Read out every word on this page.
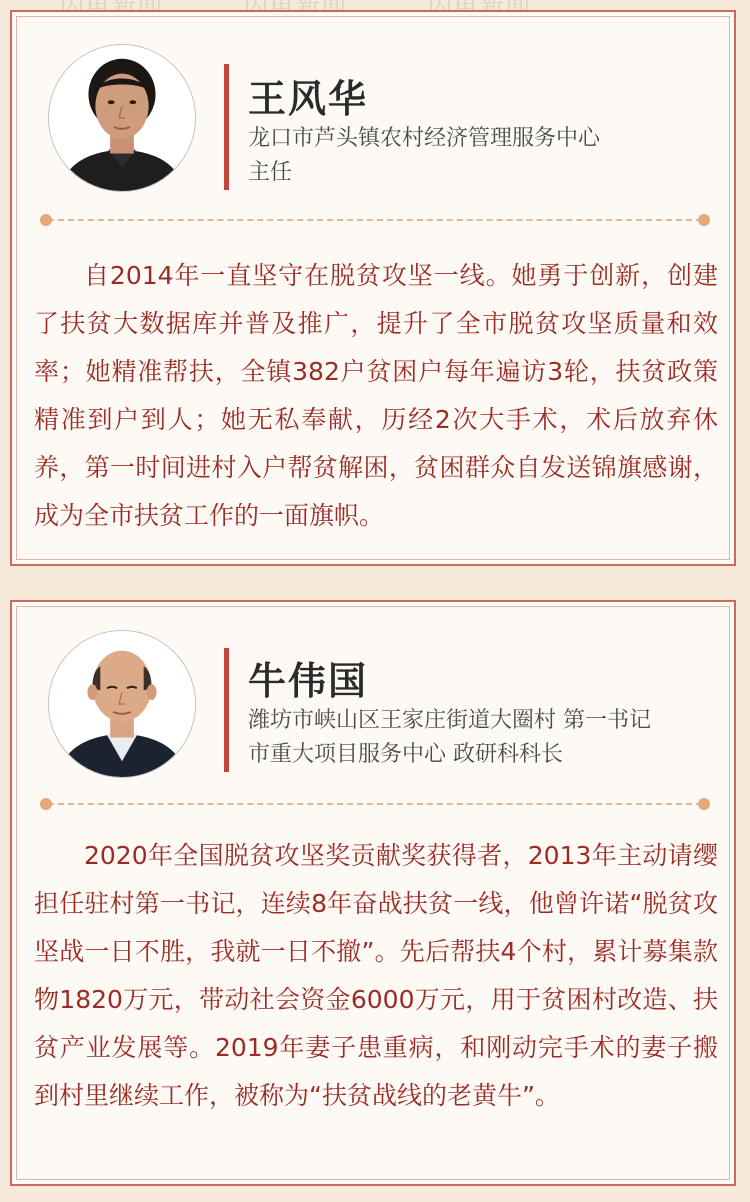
王风华
龙口市芦头镇农村经济管理服务中心
主任

自2014年一直坚守在脱贫攻坚一线。她勇于创新，创建了扶贫大数据库并普及推广，提升了全市脱贫攻坚质量和效率；她精准帮扶，全镇382户贫困户每年遍访3轮，扶贫政策精准到户到人；她无私奉献，历经2次大手术，术后放弃休养，第一时间进村入户帮贫解困，贫困群众自发送锦旗感谢，成为全市扶贫工作的一面旗帜。

牛伟国
潍坊市峡山区王家庄街道大圈村 第一书记
市重大项目服务中心 政研科科长

2020年全国脱贫攻坚奖贡献奖获得者，2013年主动请缨担任驻村第一书记，连续8年奋战扶贫一线，他曾许诺“脱贫攻坚战一日不胜，我就一日不撤”。先后帮扶4个村，累计募集款物1820万元，带动社会资金6000万元，用于贫困村改造、扶贫产业发展等。2019年妻子患重病，和刚动完手术的妻子搬到村里继续工作，被称为“扶贫战线的老黄牛”。
